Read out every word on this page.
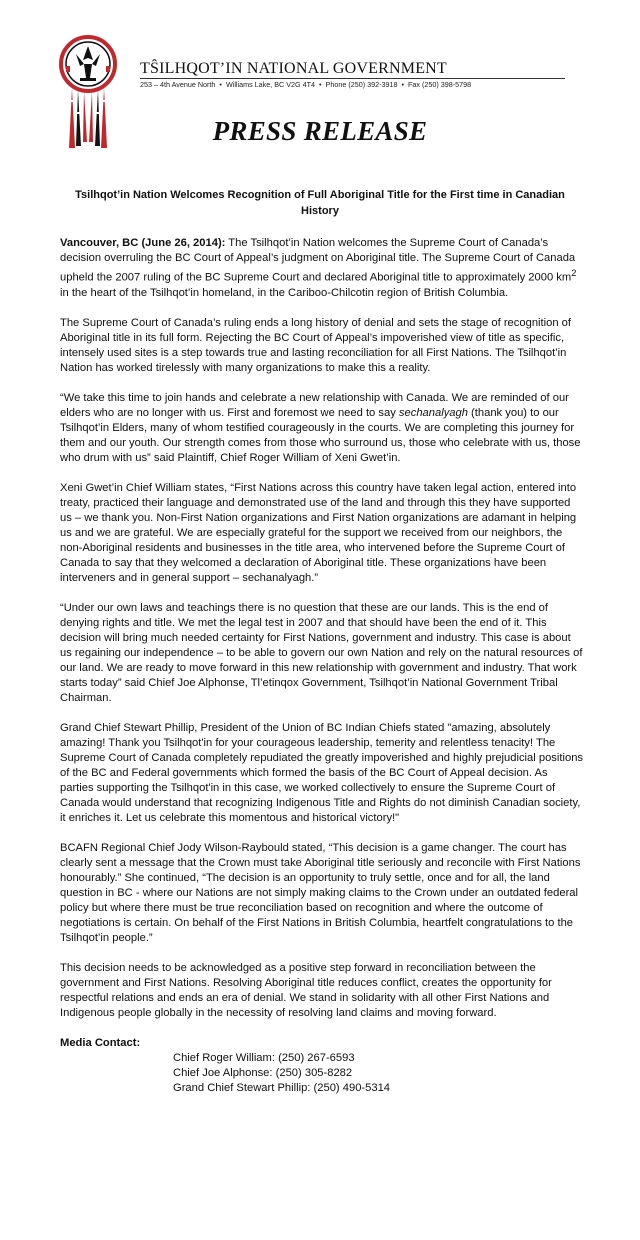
TŜILHQOT’IN NATIONAL GOVERNMENT
253 – 4th Avenue North • Williams Lake, BC V2G 4T4 • Phone (250) 392-3918 • Fax (250) 398-5798
PRESS RELEASE
Tsilhqot’in Nation Welcomes Recognition of Full Aboriginal Title for the First time in Canadian History

Vancouver, BC (June 26, 2014): The Tsilhqot’in Nation welcomes the Supreme Court of Canada’s decision overruling the BC Court of Appeal’s judgment on Aboriginal title. The Supreme Court of Canada upheld the 2007 ruling of the BC Supreme Court and declared Aboriginal title to approximately 2000 $km^2$ in the heart of the Tsilhqot’in homeland, in the Cariboo-Chilcotin region of British Columbia.

The Supreme Court of Canada’s ruling ends a long history of denial and sets the stage of recognition of Aboriginal title in its full form. Rejecting the BC Court of Appeal’s impoverished view of title as specific, intensely used sites is a step towards true and lasting reconciliation for all First Nations. The Tsilhqot’in Nation has worked tirelessly with many organizations to make this a reality.

“We take this time to join hands and celebrate a new relationship with Canada. We are reminded of our elders who are no longer with us. First and foremost we need to say sechanalyagh (thank you) to our Tsilhqot’in Elders, many of whom testified courageously in the courts. We are completing this journey for them and our youth. Our strength comes from those who surround us, those who celebrate with us, those who drum with us” said Plaintiff, Chief Roger William of Xeni Gwet’in.

Xeni Gwet’in Chief William states, “First Nations across this country have taken legal action, entered into treaty, practiced their language and demonstrated use of the land and through this they have supported us – we thank you. Non-First Nation organizations and First Nation organizations are adamant in helping us and we are grateful. We are especially grateful for the support we received from our neighbors, the non-Aboriginal residents and businesses in the title area, who intervened before the Supreme Court of Canada to say that they welcomed a declaration of Aboriginal title. These organizations have been interveners and in general support – sechanalyagh.”

“Under our own laws and teachings there is no question that these are our lands. This is the end of denying rights and title. We met the legal test in 2007 and that should have been the end of it. This decision will bring much needed certainty for First Nations, government and industry. This case is about us regaining our independence – to be able to govern our own Nation and rely on the natural resources of our land. We are ready to move forward in this new relationship with government and industry. That work starts today” said Chief Joe Alphonse, Tl’etinqox Government, Tsilhqot’in National Government Tribal Chairman.

Grand Chief Stewart Phillip, President of the Union of BC Indian Chiefs stated "amazing, absolutely amazing! Thank you Tsilhqot'in for your courageous leadership, temerity and relentless tenacity! The Supreme Court of Canada completely repudiated the greatly impoverished and highly prejudicial positions of the BC and Federal governments which formed the basis of the BC Court of Appeal decision. As parties supporting the Tsilhqot'in in this case, we worked collectively to ensure the Supreme Court of Canada would understand that recognizing Indigenous Title and Rights do not diminish Canadian society, it enriches it. Let us celebrate this momentous and historical victory!"

BCAFN Regional Chief Jody Wilson-Raybould stated, “This decision is a game changer. The court has clearly sent a message that the Crown must take Aboriginal title seriously and reconcile with First Nations honourably.” She continued, “The decision is an opportunity to truly settle, once and for all, the land question in BC - where our Nations are not simply making claims to the Crown under an outdated federal policy but where there must be true reconciliation based on recognition and where the outcome of negotiations is certain. On behalf of the First Nations in British Columbia, heartfelt congratulations to the Tsilhqot’in people.”

This decision needs to be acknowledged as a positive step forward in reconciliation between the government and First Nations. Resolving Aboriginal title reduces conflict, creates the opportunity for respectful relations and ends an era of denial. We stand in solidarity with all other First Nations and Indigenous people globally in the necessity of resolving land claims and moving forward.

Media Contact:
Chief Roger William: (250) 267-6593
Chief Joe Alphonse: (250) 305-8282
Grand Chief Stewart Phillip: (250) 490-5314
